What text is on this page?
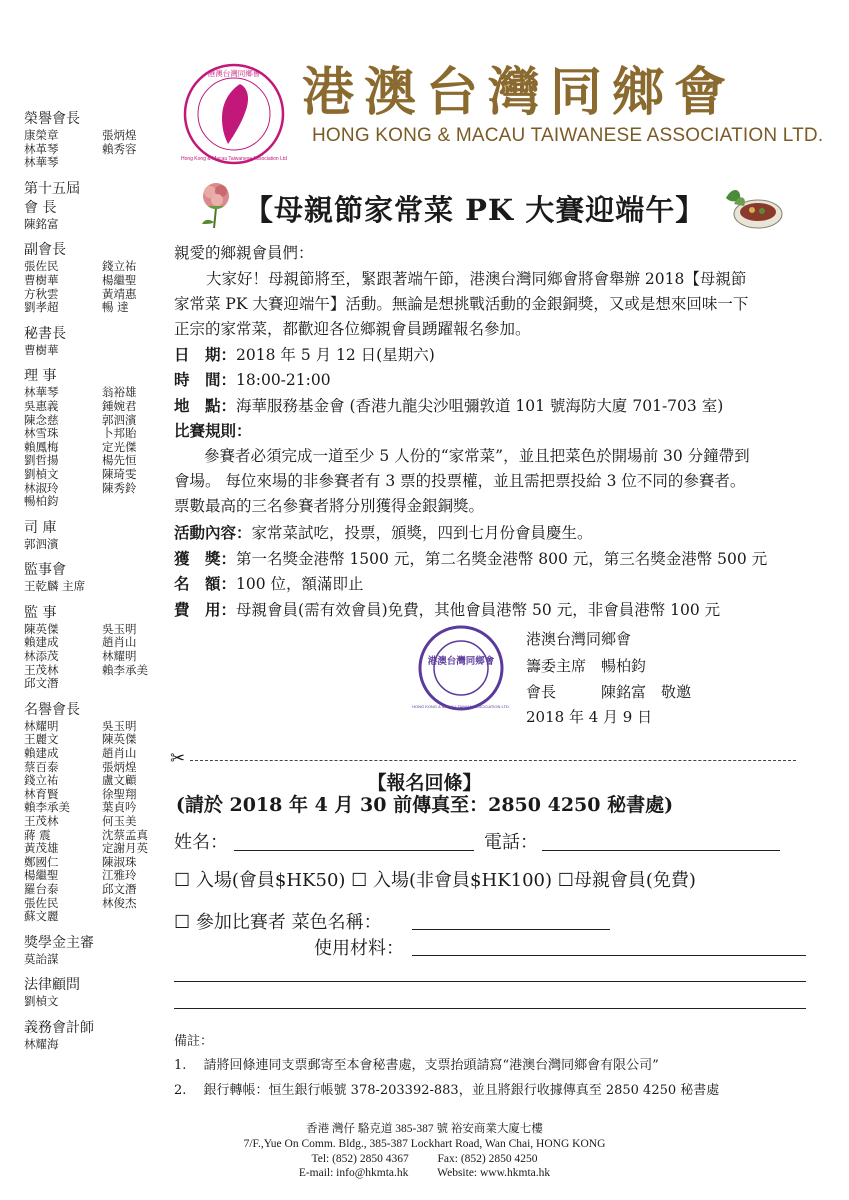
港澳台灣同鄉會
Hong Kong & Macau Taiwanese Association Ltd
港澳台灣同鄉會
HONG KONG & MACAU TAIWANESE ASSOCIATION LTD.
榮譽會長
康榮章	張炳煌
林革琴	賴秀容
林華琴
第十五屆
會 長
陳銘富
副會長
張佐民	錢立祐
曹樹華	楊繼聖
方秋雲	黃靖惠
劉孝超	暢 達
秘書長
曹樹華
理 事
林華琴	翁裕雄
吳惠義	鍾婉君
陳念慈	郭泗濱
林雪珠	卜邦貽
賴鳳梅	定光傑
劉哲揚	楊先恒
劉楨文	陳琦雯
林淑玲	陳秀鈴
暢柏鈞
司 庫
郭泗濱
監事會
王乾麟 主席
監 事
陳英傑	吳玉明
賴建成	趙肖山
林添茂	林耀明
王茂林	賴李承美
邱文潛
名譽會長
林耀明	吳玉明
王麗文	陳英傑
賴建成	趙肖山
蔡百泰	張炳煌
錢立祐	盧文顧
林育賢	徐聖翔
賴李承美	葉貞吟
王茂林	何玉美
蔣 震	沈蔡孟真
黃茂雄	定謝月英
鄭國仁	陳淑珠
楊繼聖	江雅玲
羅台泰	邱文潛
張佐民	林俊杰
蘇文麗
獎學金主審
莫詒謀
法律顧問
劉楨文
義務會計師
林耀海
【母親節家常菜 PK 大賽迎端午】
親愛的鄉親會員們：
大家好！母親節將至，緊跟著端午節，港澳台灣同鄉會將會舉辦 2018【母親節
家常菜 PK 大賽迎端午】活動。無論是想挑戰活動的金銀銅獎，又或是想來回味一下
正宗的家常菜，都歡迎各位鄉親會員踴躍報名參加。
日　期：2018 年 5 月 12 日(星期六)
時　間：18:00-21:00
地　點：海華服務基金會 (香港九龍尖沙咀彌敦道 101 號海防大廈 701-703 室)
比賽規則：
參賽者必須完成一道至少 5 人份的“家常菜”，並且把菜色於開場前 30 分鐘帶到
會場。 每位來場的非參賽者有 3 票的投票權，並且需把票投給 3 位不同的參賽者。
票數最高的三名參賽者將分別獲得金銀銅獎。
活動內容：家常菜試吃，投票，頒獎，四到七月份會員慶生。
獲　獎：第一名獎金港幣 1500 元，第二名獎金港幣 800 元，第三名獎金港幣 500 元
名　額：100 位，額滿即止
費　用：母親會員(需有效會員)免費，其他會員港幣 50 元，非會員港幣 100 元
港澳台灣同鄉會
HONG KONG & MACAU TAIWAN ASSOCIATION LTD.
港澳台灣同鄉會
籌委主席　暢柏鈞
會長　　　陳銘富　敬邀
2018 年 4 月 9 日
✂
【報名回條】
(請於 2018 年 4 月 30 前傳真至：2850 4250 秘書處)
姓名：	電話：
☐ 入場(會員$HK50) ☐ 入場(非會員$HK100) ☐母親會員(免費)
☐ 參加比賽者 菜色名稱：
使用材料：
備註：
1.　 請將回條連同支票郵寄至本會秘書處，支票抬頭請寫“港澳台灣同鄉會有限公司”
2.　 銀行轉帳：恒生銀行帳號 378-203392-883，並且將銀行收據傳真至 2850 4250 秘書處
香港 灣仔 駱克道 385-387 號 裕安商業大廈七樓
7/F.,Yue On Comm. Bldg., 385-387 Lockhart Road, Wan Chai, HONG KONG
Tel: (852) 2850 4367	Fax: (852) 2850 4250
E-mail: info@hkmta.hk	Website: www.hkmta.hk
